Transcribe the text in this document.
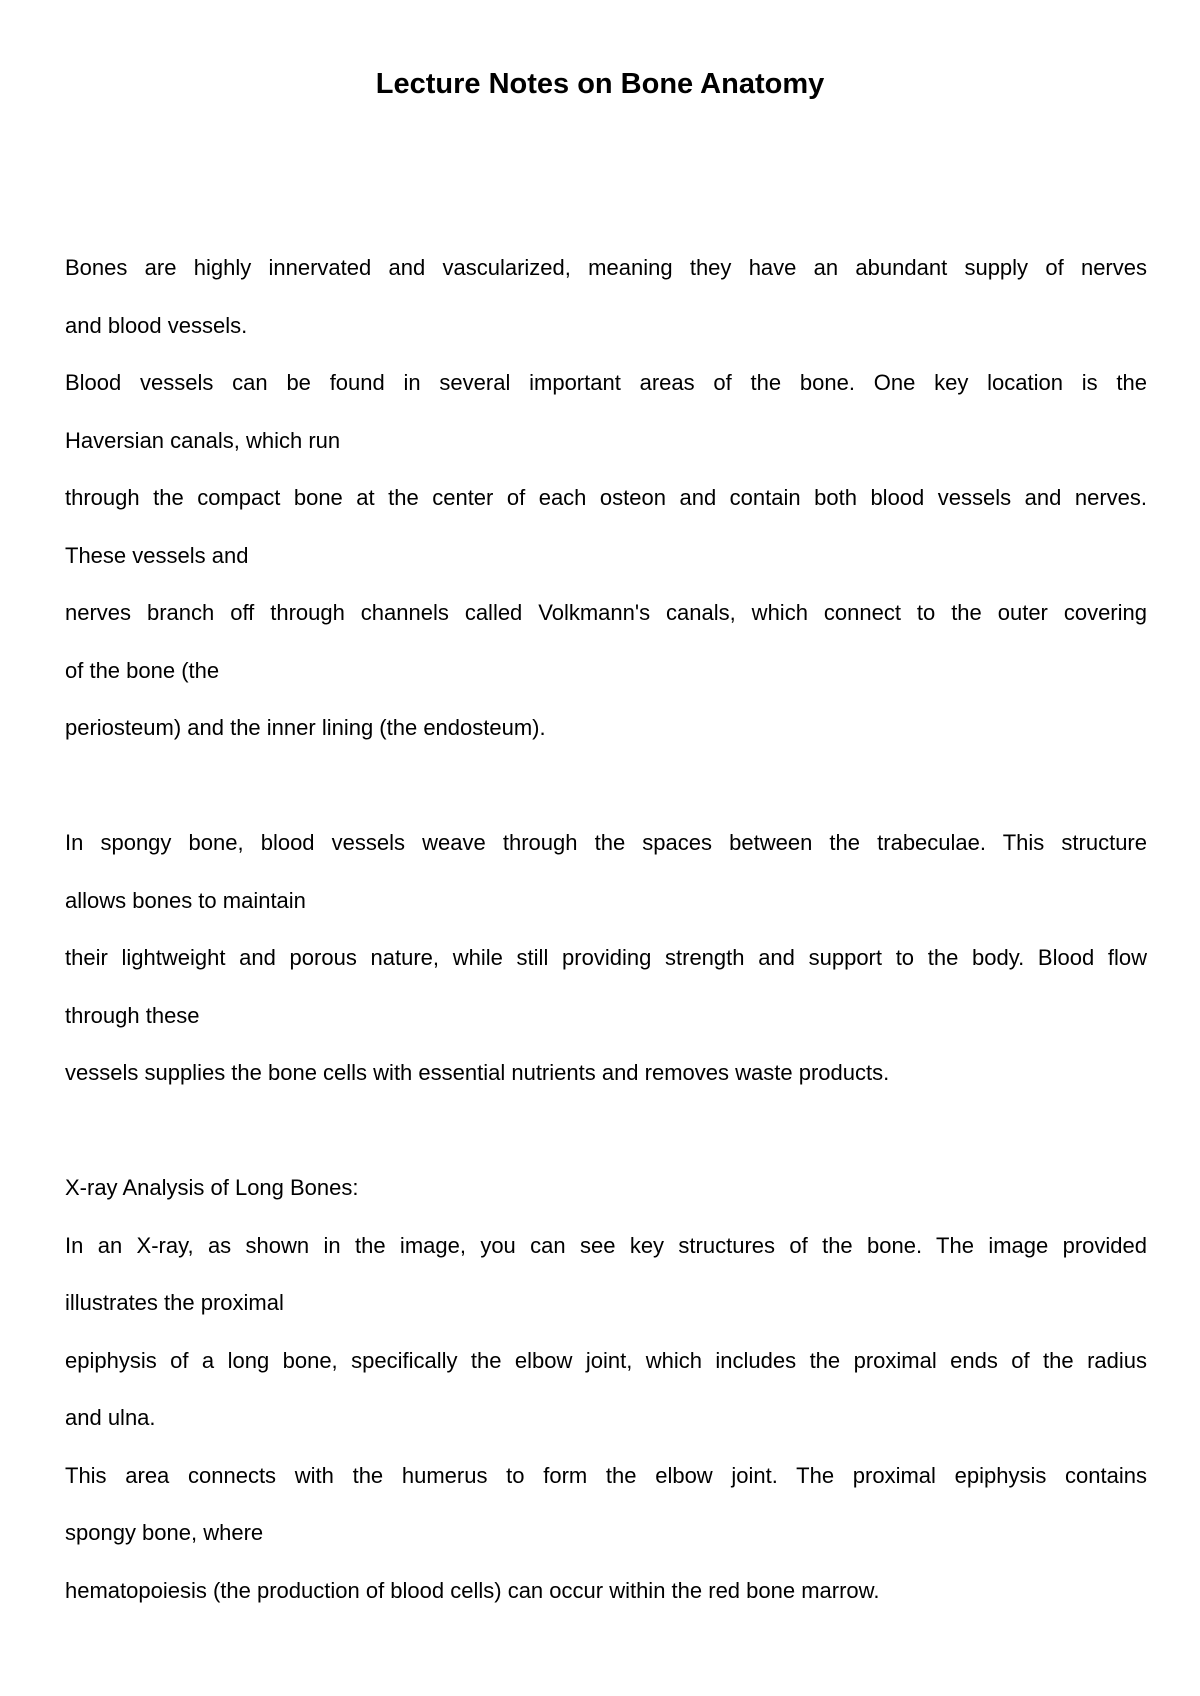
Lecture Notes on Bone Anatomy
Bones are highly innervated and vascularized, meaning they have an abundant supply of nerves
and blood vessels.
Blood vessels can be found in several important areas of the bone. One key location is the
Haversian canals, which run
through the compact bone at the center of each osteon and contain both blood vessels and nerves.
These vessels and
nerves branch off through channels called Volkmann's canals, which connect to the outer covering
of the bone (the
periosteum) and the inner lining (the endosteum).
In spongy bone, blood vessels weave through the spaces between the trabeculae. This structure
allows bones to maintain
their lightweight and porous nature, while still providing strength and support to the body. Blood flow
through these
vessels supplies the bone cells with essential nutrients and removes waste products.
X-ray Analysis of Long Bones:
In an X-ray, as shown in the image, you can see key structures of the bone. The image provided
illustrates the proximal
epiphysis of a long bone, specifically the elbow joint, which includes the proximal ends of the radius
and ulna.
This area connects with the humerus to form the elbow joint. The proximal epiphysis contains
spongy bone, where
hematopoiesis (the production of blood cells) can occur within the red bone marrow.
